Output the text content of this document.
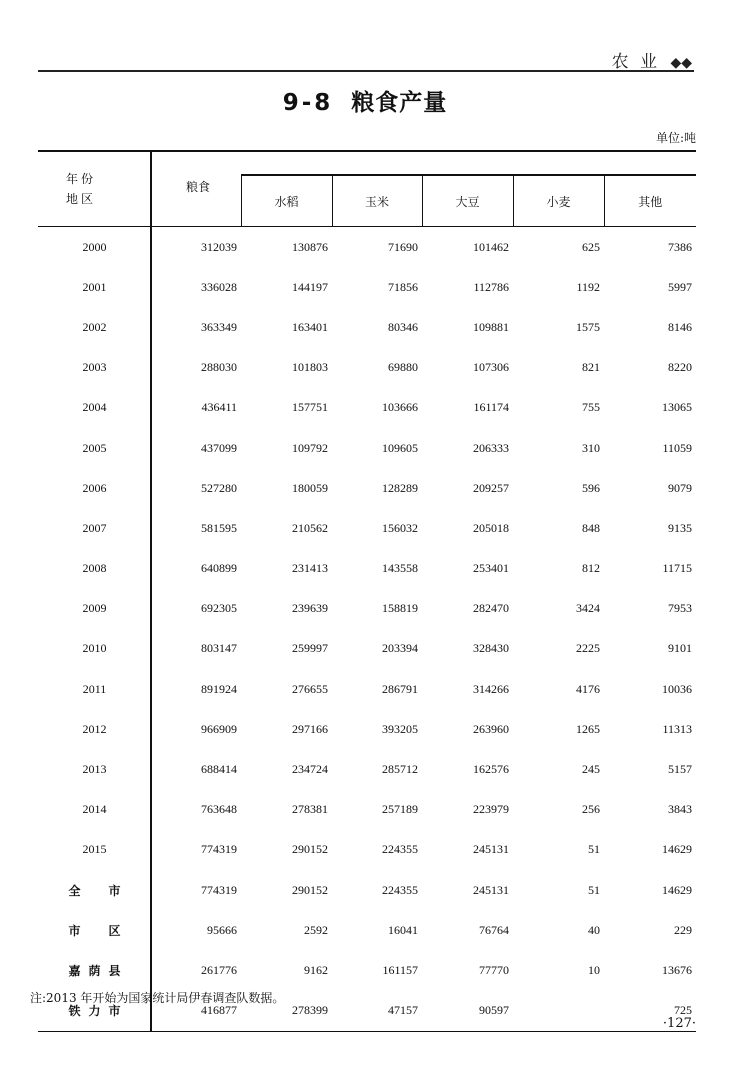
农 业 ◆◆
9-8 粮食产量
单位:吨
年 份
地 区	粮食					
		水稻	玉米	大豆	小麦	其他
2000	312039	130876	71690	101462	625	7386
2001	336028	144197	71856	112786	1192	5997
2002	363349	163401	80346	109881	1575	8146
2003	288030	101803	69880	107306	821	8220
2004	436411	157751	103666	161174	755	13065
2005	437099	109792	109605	206333	310	11059
2006	527280	180059	128289	209257	596	9079
2007	581595	210562	156032	205018	848	9135
2008	640899	231413	143558	253401	812	11715
2009	692305	239639	158819	282470	3424	7953
2010	803147	259997	203394	328430	2225	9101
2011	891924	276655	286791	314266	4176	10036
2012	966909	297166	393205	263960	1265	11313
2013	688414	234724	285712	162576	245	5157
2014	763648	278381	257189	223979	256	3843
2015	774319	290152	224355	245131	51	14629
全 市	774319	290152	224355	245131	51	14629
市 区	95666	2592	16041	76764	40	229
嘉荫县	261776	9162	161157	77770	10	13676
铁力市	416877	278399	47157	90597		725
注:2013 年开始为国家统计局伊春调查队数据。
·127·
